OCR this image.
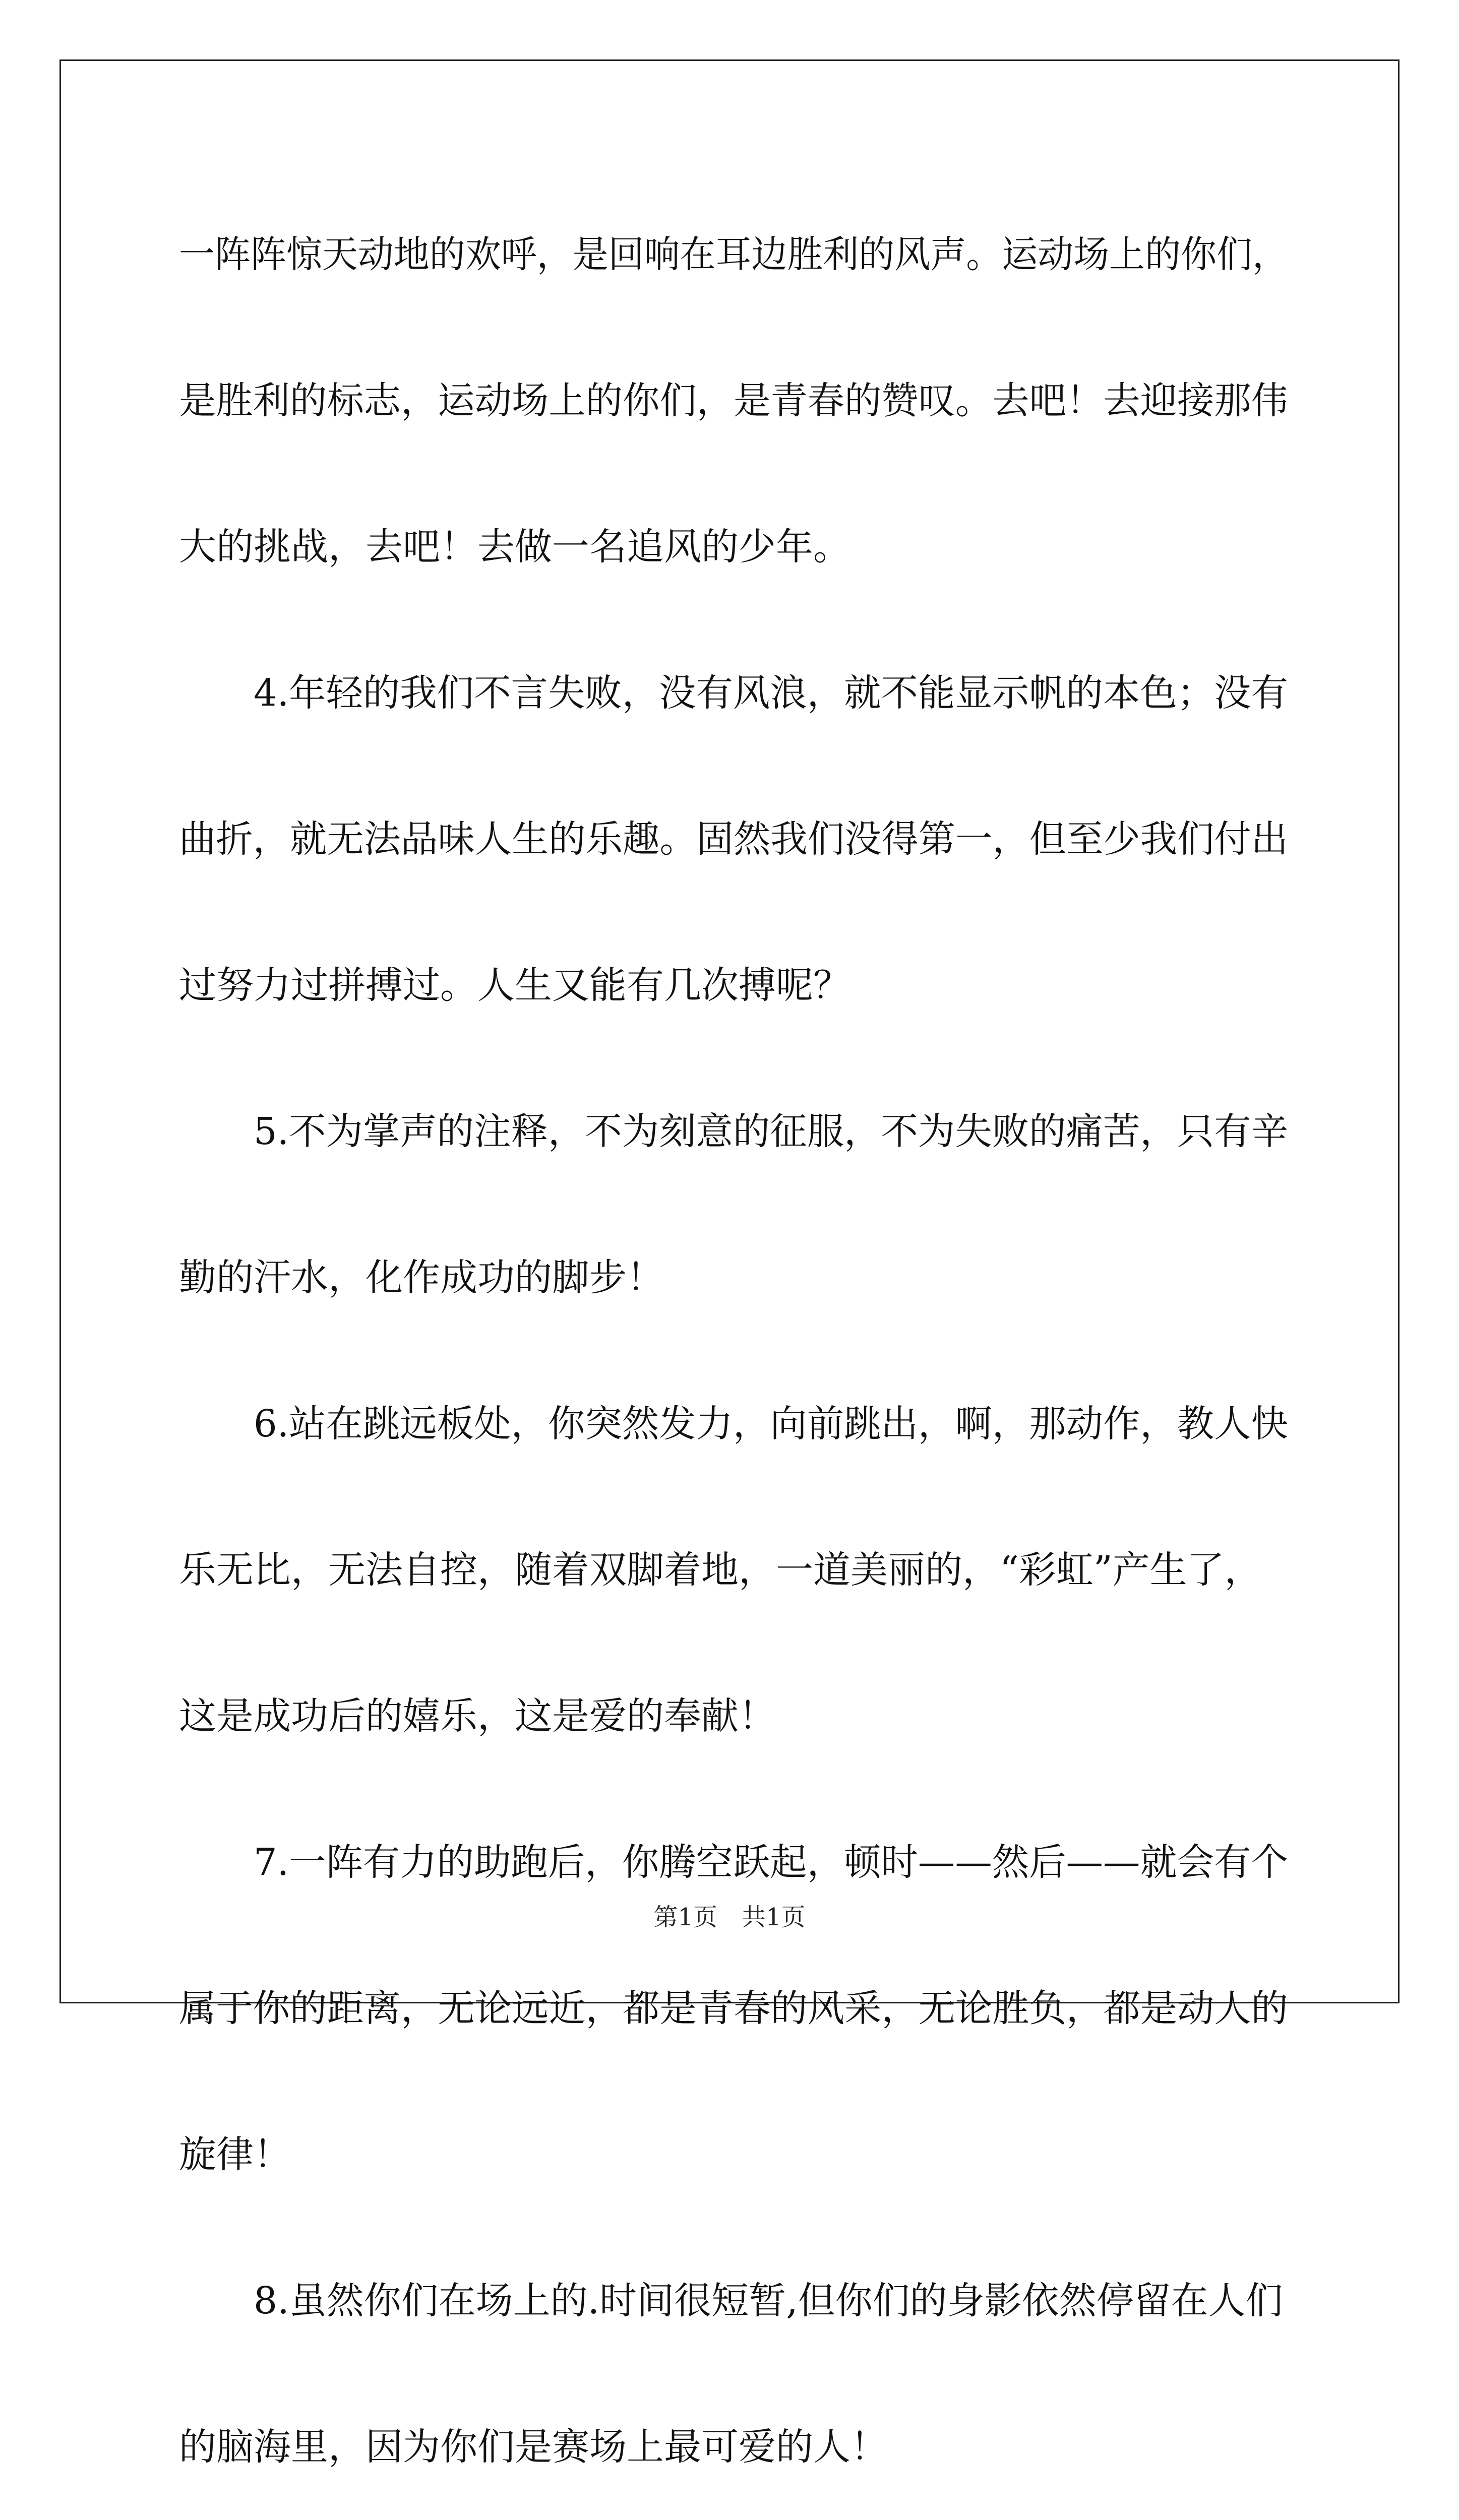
一阵阵惊天动地的欢呼，是回响在耳边胜利的风声。运动场上的你们，
是胜利的标志，运动场上的你们，是青春的赞叹。去吧！去迎接那伟
大的挑战，去吧！去做一名追风的少年。
4.年轻的我们不言失败，没有风浪，就不能显示帆的本色；没有
曲折，就无法品味人生的乐趣。固然我们没得第一，但至少我们付出
过努力过拼搏过。人生又能有几次搏呢？
5.不为掌声的注释，不为刻意的征服，不为失败的痛苦，只有辛
勤的汗水，化作成功的脚步！
6.站在跳远板处，你突然发力，向前跳出，啊，那动作，教人快
乐无比，无法自控，随着双脚着地，一道美丽的，“彩虹”产生了，
这是成功后的嬉乐，这是爱的奉献！
7.一阵有力的助跑后，你腾空跃起，顿时——然后——就会有个
属于你的距离，无论远近，都是青春的风采，无论胜负，都是动人的
旋律！
8.虽然你们在场上的.时间很短暂,但你们的身影依然停留在人们
的脑海里，因为你们是赛场上最可爱的人！
第1页　共1页
